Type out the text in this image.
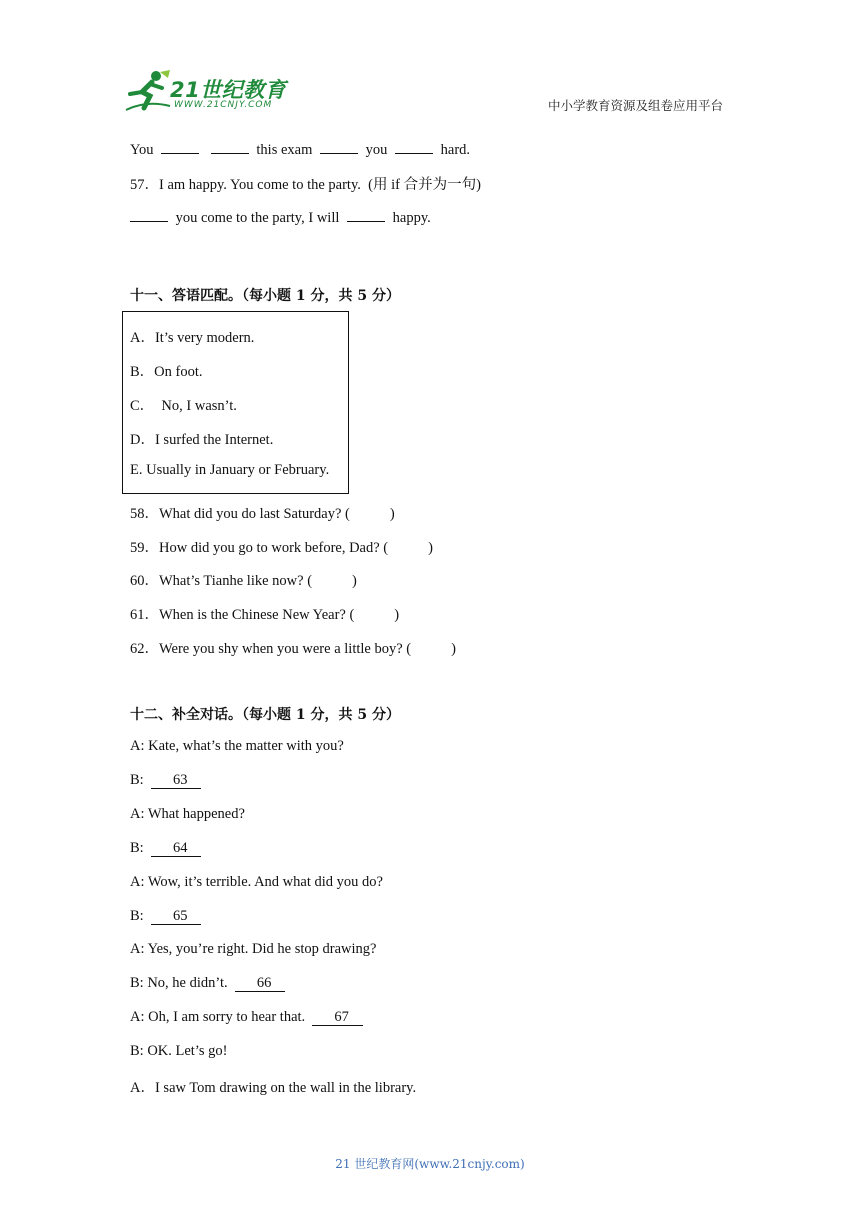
21世纪教育
WWW.21CNJY.COM	中小学教育资源及组卷应用平台
You	this exam	you	hard.
57．I am happy. You come to the party. (用 if 合并为一句)
you come to the party, I will	happy.
十一、答语匹配。（每小题 1 分，共 5 分）
A．It’s very modern.
B．On foot.
C．  No, I wasn’t.
D．I surfed the Internet.
E. Usually in January or February.
58．What did you do last Saturday? (	)
59．How did you go to work before, Dad? (	)
60．What’s Tianhe like now? (	)
61．When is the Chinese New Year? (	)
62．Were you shy when you were a little boy? (	)
十二、补全对话。（每小题 1 分，共 5 分）
A: Kate, what’s the matter with you?
B: 63
A: What happened?
B: 64
A: Wow, it’s terrible. And what did you do?
B: 65
A: Yes, you’re right. Did he stop drawing?
B: No, he didn’t. 66
A: Oh, I am sorry to hear that. 67
B: OK. Let’s go!
A．I saw Tom drawing on the wall in the library.
21 世纪教育网(www.21cnjy.com)
